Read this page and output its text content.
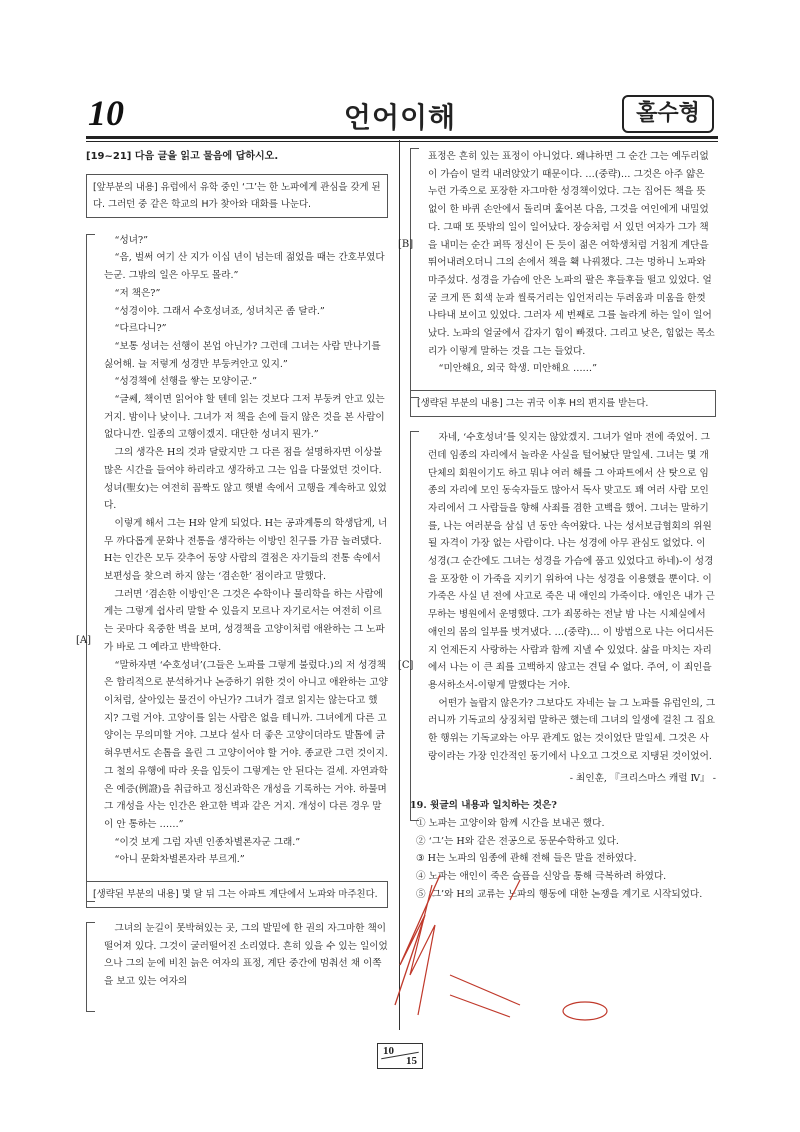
10	언어이해	홀수형

[19~21] 다음 글을 읽고 물음에 답하시오.

[앞부분의 내용] 유럽에서 유학 중인 ‘그’는 한 노파에게 관심을 갖게 된다. 그러던 중 같은 학교의 H가 찾아와 대화를 나눈다.
[A]

“성녀?”

“음, 벌써 여기 산 지가 이십 년이 넘는데 젊었을 때는 간호부였다는군. 그밖의 일은 아무도 몰라.”

“저 책은?”

“성경이야. 그래서 수호성녀죠, 성녀치곤 좀 달라.”

“다르다니?”

“보통 성녀는 선행이 본업 아닌가? 그런데 그녀는 사람 만나기를 싫어해. 늘 저렇게 성경만 부둥켜안고 있지.”

“성경책에 선행을 쌓는 모양이군.”

“글쎄, 책이면 읽어야 할 텐데 읽는 것보다 그저 부둥켜 안고 있는 거지. 밤이나 낮이나. 그녀가 저 책을 손에 들지 않은 것을 본 사람이 없다니깐. 일종의 고행이겠지. 대단한 성녀지 뭔가.”

그의 생각은 H의 것과 달랐지만 그 다른 점을 설명하자면 이상불 많은 시간을 들여야 하리라고 생각하고 그는 입을 다물었던 것이다. 성녀(聖女)는 여전히 꼼짝도 않고 햇볕 속에서 고행을 계속하고 있었다.

이렇게 해서 그는 H와 알게 되었다. H는 공과계통의 학생답게, 너무 까다롭게 문화나 전통을 생각하는 이방인 친구를 가끔 놀려댔다. H는 인간은 모두 갖추어 동양 사람의 결점은 자기들의 전통 속에서 보편성을 찾으려 하지 않는 ‘겸손한’ 점이라고 말했다.

그러면 ‘겸손한 이방인’은 그것은 수학이나 물리학을 하는 사람에게는 그렇게 쉽사리 말할 수 있을지 모르나 자기로서는 여전히 이르는 곳마다 육중한 벽을 보며, 성경책을 고양이처럼 애완하는 그 노파가 바로 그 예라고 반박한다.

“말하자면 ‘수호성녀’(그들은 노파를 그렇게 불렀다.)의 저 성경책은 합리적으로 분석하거나 논증하기 위한 것이 아니고 애완하는 고양이처럼, 살아있는 물건이 아닌가? 그녀가 결코 읽지는 않는다고 했지? 그럴 거야. 고양이를 읽는 사람은 없을 테니까. 그녀에게 다른 고양이는 무의미할 거야. 그보다 설사 더 좋은 고양이더라도 발톱에 긁혀우면서도 손톱을 올린 그 고양이어야 할 거야. 종교란 그런 것이지. 그 철의 유행에 따라 옷을 입듯이 그렇게는 안 된다는 걸세. 자연과학은 예증(例證)을 취급하고 정신과학은 개성을 기록하는 거야. 하물며 그 개성을 사는 인간은 완고한 벽과 같은 거지. 개성이 다른 경우 말이 안 통하는 ……”

“이것 보게 그럼 자넨 인종차별론자군 그래.”

“아니 문화차별론자라 부르게.”

[생략된 부분의 내용] 몇 달 뒤 그는 아파트 계단에서 노파와 마주친다.

그녀의 눈길이 못박혀있는 곳, 그의 발밑에 한 권의 자그마한 책이 떨어져 있다. 그것이 굴러떨어진 소리였다. 흔히 있을 수 있는 일이었으나 그의 눈에 비친 늙은 여자의 표정, 계단 중간에 멈춰선 채 이쪽을 보고 있는 여자의

[B]

표정은 흔히 있는 표정이 아니었다. 왜냐하면 그 순간 그는 예두리없이 가슴이 덜컥 내려앉았기 때문이다. …(중략)… 그것은 아주 얇은 누런 가죽으로 포장한 자그마한 성경책이었다. 그는 집어든 책을 뜻 없이 한 바퀴 손안에서 돌리며 훑어본 다음, 그것을 여인에게 내밀었다. 그때 또 뜻밖의 일이 일어났다. 장승처럼 서 있던 여자가 그가 책을 내미는 순간 퍼뜩 정신이 든 듯이 젊은 여학생처럼 거침게 계단을 뛰어내려오더니 그의 손에서 책을 홱 나꿔챘다. 그는 멍하니 노파와 마주섰다. 성경을 가슴에 안은 노파의 팔은 후들후들 떨고 있었다. 얼굴 크게 뜬 회색 눈과 씰룩거리는 입언저리는 두려움과 미움을 한껏 나타내 보이고 있었다. 그러자 세 번째로 그를 놀라게 하는 일이 일어났다. 노파의 얼굴에서 갑자기 힘이 빠졌다. 그리고 낮은, 힘없는 목소리가 이렇게 말하는 것을 그는 들었다.

“미안해요, 외국 학생. 미안해요 ……”

[생략된 부분의 내용] 그는 귀국 이후 H의 편지를 받는다.
[C]

자네, ‘수호성녀’를 잊지는 않았겠지. 그녀가 얼마 전에 죽었어. 그런데 임종의 자리에서 놀라운 사실을 털어놨단 말일세. 그녀는 몇 개 단체의 회원이기도 하고 뭐냐 여러 해를 그 아파트에서 산 탓으로 임종의 자리에 모인 동숙자들도 많아서 독사 맞고도 꽤 여러 사람 모인 자리에서 그 사람들을 향해 사죄를 겸한 고백을 했어. 그녀는 말하기를, 나는 여러분을 삼십 년 동안 속여왔다. 나는 성서보급협회의 위원될 자격이 가장 없는 사람이다. 나는 성경에 아무 관심도 없었다. 이 성경(그 순간에도 그녀는 성경을 가슴에 품고 있었다고 하네)-이 성경을 포장한 이 가죽을 지키기 위하여 나는 성경을 이용했을 뿐이다. 이 가죽은 사실 년 전에 사고로 죽은 내 애인의 가죽이다. 애인은 내가 근무하는 병원에서 운명했다. 그가 죄몽하는 전날 밤 나는 시체실에서 애인의 몸의 일부를 벗겨냈다. …(중략)… 이 방법으로 나는 어디서든지 언제든지 사랑하는 사람과 함께 지낼 수 있었다. 삶을 마치는 자리에서 나는 이 큰 죄를 고백하지 않고는 견딜 수 없다. 주여, 이 죄인을 용서하소서-이렇게 말했다는 거야.

어떤가 놀랍지 않은가? 그보다도 자네는 늘 그 노파를 유럽인의, 그러니까 기독교의 상징처럼 말하곤 했는데 그녀의 일생에 걸친 그 집요한 행위는 기독교와는 아무 관계도 없는 것이었단 말일세. 그것은 사랑이라는 가장 인간적인 동기에서 나오고 그것으로 지탱된 것이었어.

- 최인훈, 『크리스마스 캐럴 Ⅳ』 -

19. 윗글의 내용과 일치하는 것은?

① 노파는 고양이와 함께 시간을 보내곤 했다.

② ‘그’는 H와 같은 전공으로 동문수학하고 있다.

③ H는 노파의 임종에 관해 전해 들은 말을 전하였다.

④ 노파는 애인이 죽은 슬픔을 신앙을 통해 극복하려 하였다.

⑤ ‘그’와 H의 교류는 노파의 행동에 대한 논쟁을 계기로 시작되었다.

10
15
